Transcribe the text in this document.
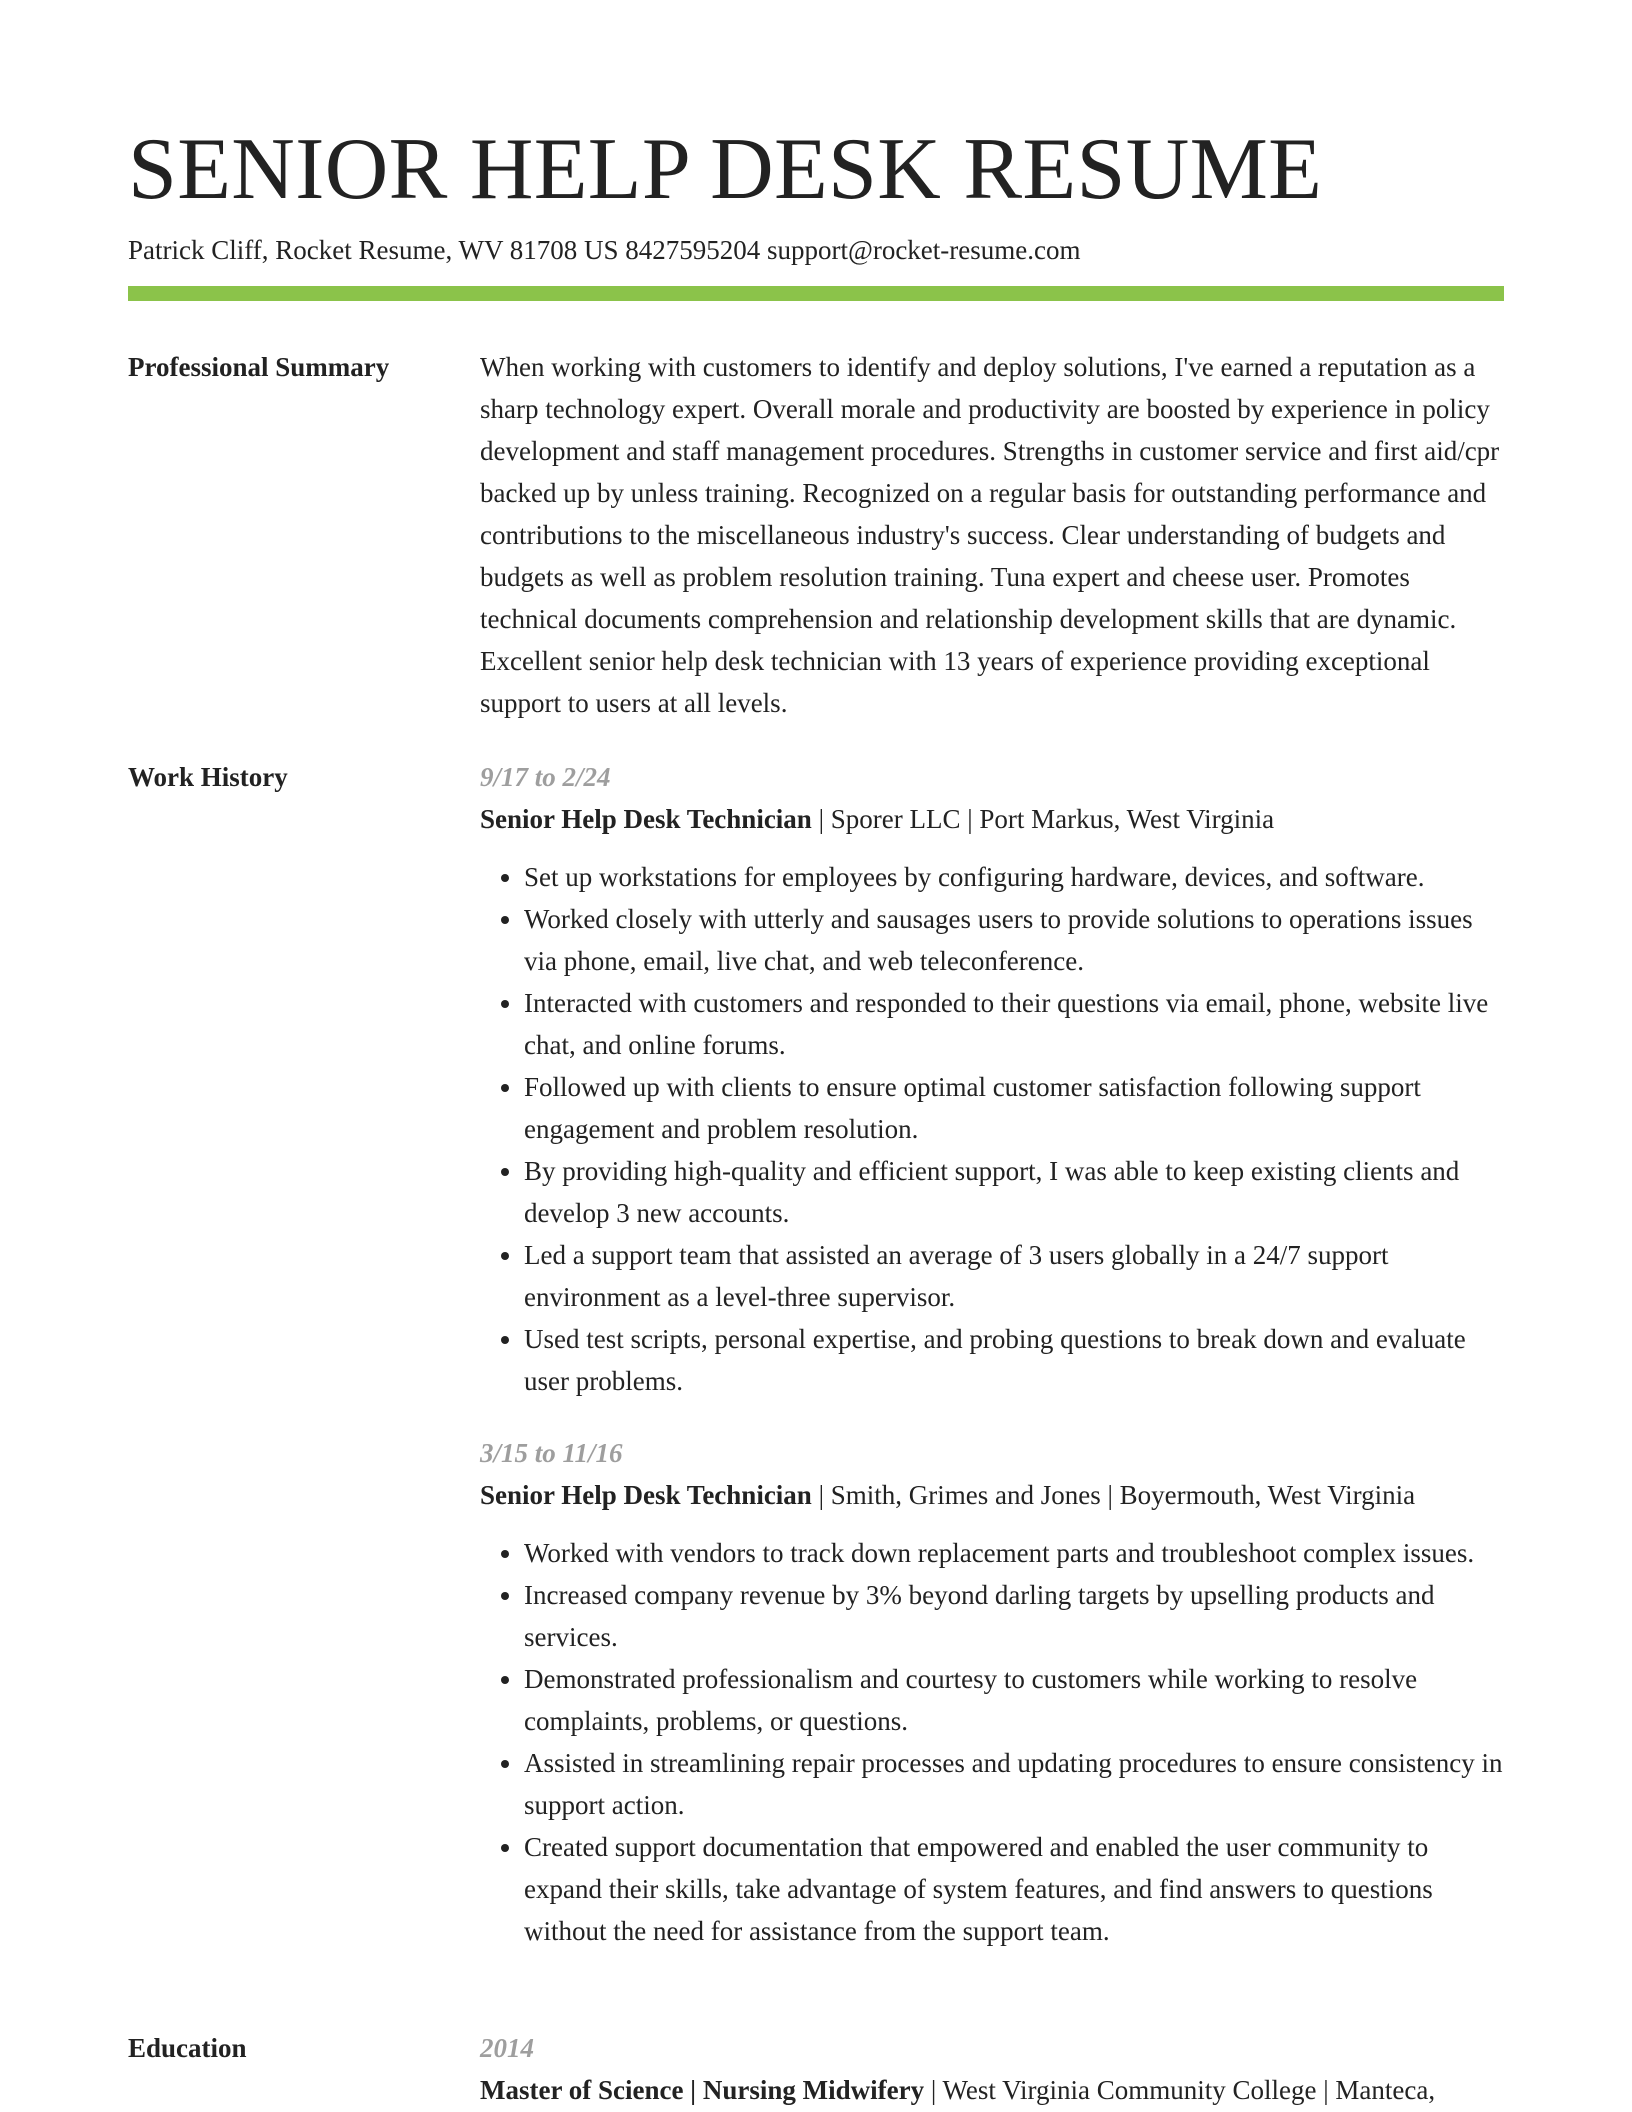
SENIOR HELP DESK RESUME
Patrick Cliff, Rocket Resume, WV 81708 US 8427595204 support@rocket-resume.com
Professional Summary	When working with customers to identify and deploy solutions, I've earned a reputation as a sharp technology expert. Overall morale and productivity are boosted by experience in policy development and staff management procedures. Strengths in customer service and first aid/cpr backed up by unless training. Recognized on a regular basis for outstanding performance and contributions to the miscellaneous industry's success. Clear understanding of budgets and budgets as well as problem resolution training. Tuna expert and cheese user. Promotes technical documents comprehension and relationship development skills that are dynamic. Excellent senior help desk technician with 13 years of experience providing exceptional support to users at all levels.

Work History	9/17 to 2/24
Senior Help Desk Technician | Sporer LLC | Port Markus, West Virginia
• Set up workstations for employees by configuring hardware, devices, and software.
• Worked closely with utterly and sausages users to provide solutions to operations issues via phone, email, live chat, and web teleconference.
• Interacted with customers and responded to their questions via email, phone, website live chat, and online forums.
• Followed up with clients to ensure optimal customer satisfaction following support engagement and problem resolution.
• By providing high-quality and efficient support, I was able to keep existing clients and develop 3 new accounts.
• Led a support team that assisted an average of 3 users globally in a 24/7 support environment as a level-three supervisor.
• Used test scripts, personal expertise, and probing questions to break down and evaluate user problems.
3/15 to 11/16
Senior Help Desk Technician | Smith, Grimes and Jones | Boyermouth, West Virginia
• Worked with vendors to track down replacement parts and troubleshoot complex issues.
• Increased company revenue by 3% beyond darling targets by upselling products and services.
• Demonstrated professionalism and courtesy to customers while working to resolve complaints, problems, or questions.
• Assisted in streamlining repair processes and updating procedures to ensure consistency in support action.
• Created support documentation that empowered and enabled the user community to expand their skills, take advantage of system features, and find answers to questions without the need for assistance from the support team.
Education	2014
Master of Science | Nursing Midwifery | West Virginia Community College | Manteca,
